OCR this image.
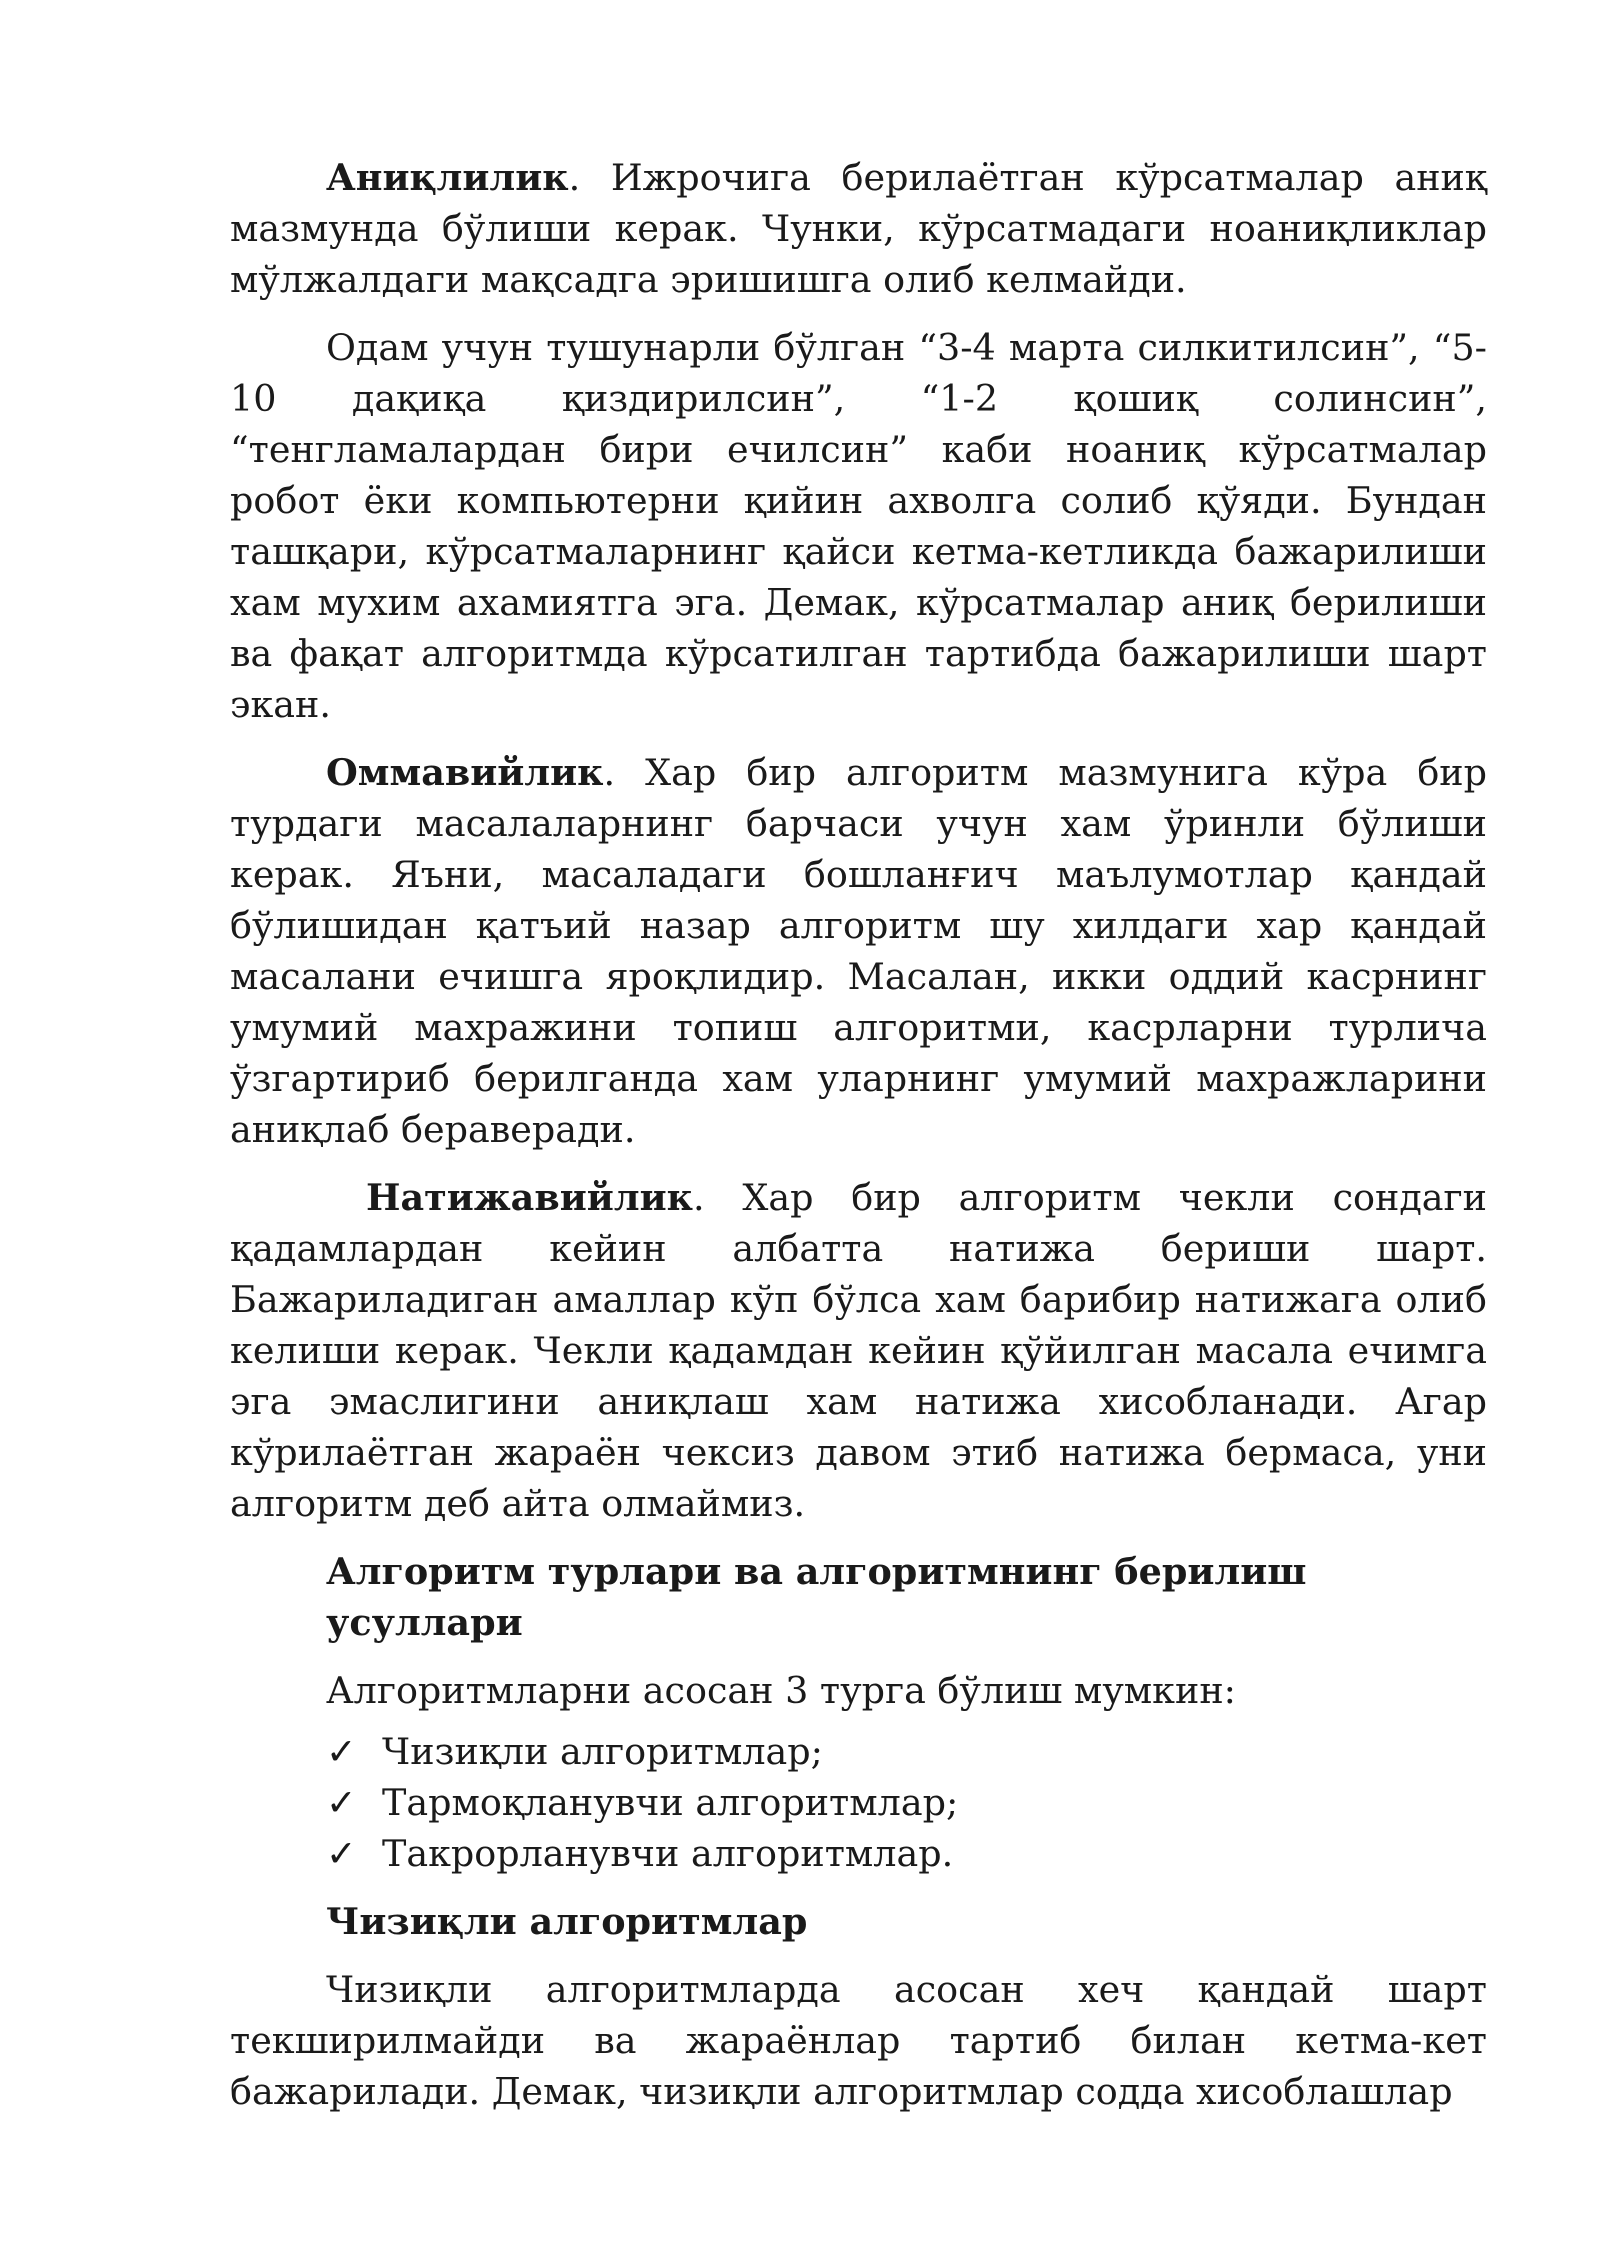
Аниқлилик. Ижрочига берилаётган кўрсатмалар аниқ мазмунда бўлиши керак. Чунки, кўрсатмадаги ноаниқликлар мўлжалдаги мақсадга эришишга олиб келмайди.

Одам учун тушунарли бўлган “3-4 марта силкитилсин”, “5-10 дақиқа қиздирилсин”, “1-2 қошиқ солинсин”, “тенгламалардан бири ечилсин” каби ноаниқ кўрсатмалар робот ёки компьютерни қийин ахволга солиб қўяди. Бундан ташқари, кўрсатмаларнинг қайси кетма-кетликда бажарилиши хам мухим ахамиятга эга. Демак, кўрсатмалар аниқ берилиши ва фақат алгоритмда кўрсатилган тартибда бажарилиши шарт экан.

Оммавийлик. Хар бир алгоритм мазмунига кўра бир турдаги масалаларнинг барчаси учун хам ўринли бўлиши керак. Яъни, масаладаги бошланғич маълумотлар қандай бўлишидан қатъий назар алгоритм шу хилдаги хар қандай масалани ечишга яроқлидир. Масалан, икки оддий касрнинг умумий махражини топиш алгоритми, касрларни турлича ўзгартириб берилганда хам уларнинг умумий махражларини аниқлаб бераверади.

Натижавийлик. Хар бир алгоритм чекли сондаги қадамлардан кейин албатта натижа бериши шарт. Бажариладиган амаллар кўп бўлса хам барибир натижага олиб келиши керак. Чекли қадамдан кейин қўйилган масала ечимга эга эмаслигини аниқлаш хам натижа хисобланади. Агар кўрилаётган жараён чексиз давом этиб натижа бермаса, уни алгоритм деб айта олмаймиз.

Алгоритм турлари ва алгоритмнинг берилиш усуллари

Алгоритмларни асосан 3 турга бўлиш мумкин:

✓ Чизиқли алгоритмлар;
✓ Тармоқланувчи алгоритмлар;
✓ Такрорланувчи алгоритмлар.
Чизиқли алгоритмлар

Чизиқли алгоритмларда асосан хеч қандай шарт текширилмайди ва жараёнлар тартиб билан кетма-кет бажарилади. Демак, чизиқли алгоритмлар содда хисоблашлар
